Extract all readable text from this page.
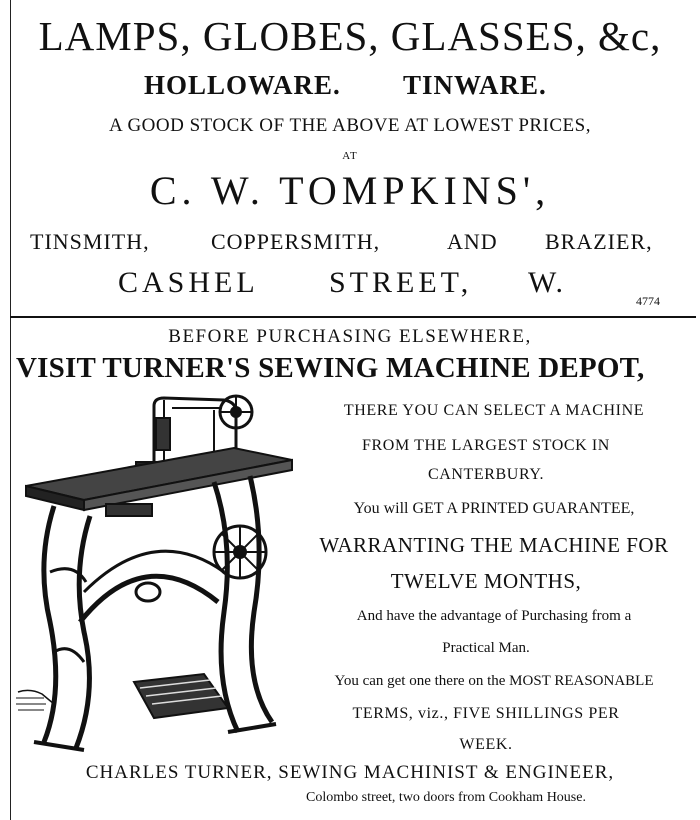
LAMPS, GLOBES, GLASSES, &c,
HOLLOWARE. TINWARE.
A GOOD STOCK OF THE ABOVE AT LOWEST PRICES,
AT
C. W. TOMPKINS',
TINSMITH,	COPPERSMITH,	AND BRAZIER,
CASHEL STREET, W.
4774
BEFORE PURCHASING ELSEWHERE,
VISIT TURNER'S SEWING MACHINE DEPOT,
THERE YOU CAN SELECT A MACHINE
FROM THE LARGEST STOCK IN
CANTERBURY.
You will GET A PRINTED GUARANTEE,
WARRANTING THE MACHINE FOR
TWELVE MONTHS,
And have the advantage of Purchasing from a
Practical Man.
You can get one there on the MOST REASONABLE
TERMS, viz., FIVE SHILLINGS PER
WEEK.
CHARLES TURNER, SEWING MACHINIST & ENGINEER,
Colombo street, two doors from Cookham House.
